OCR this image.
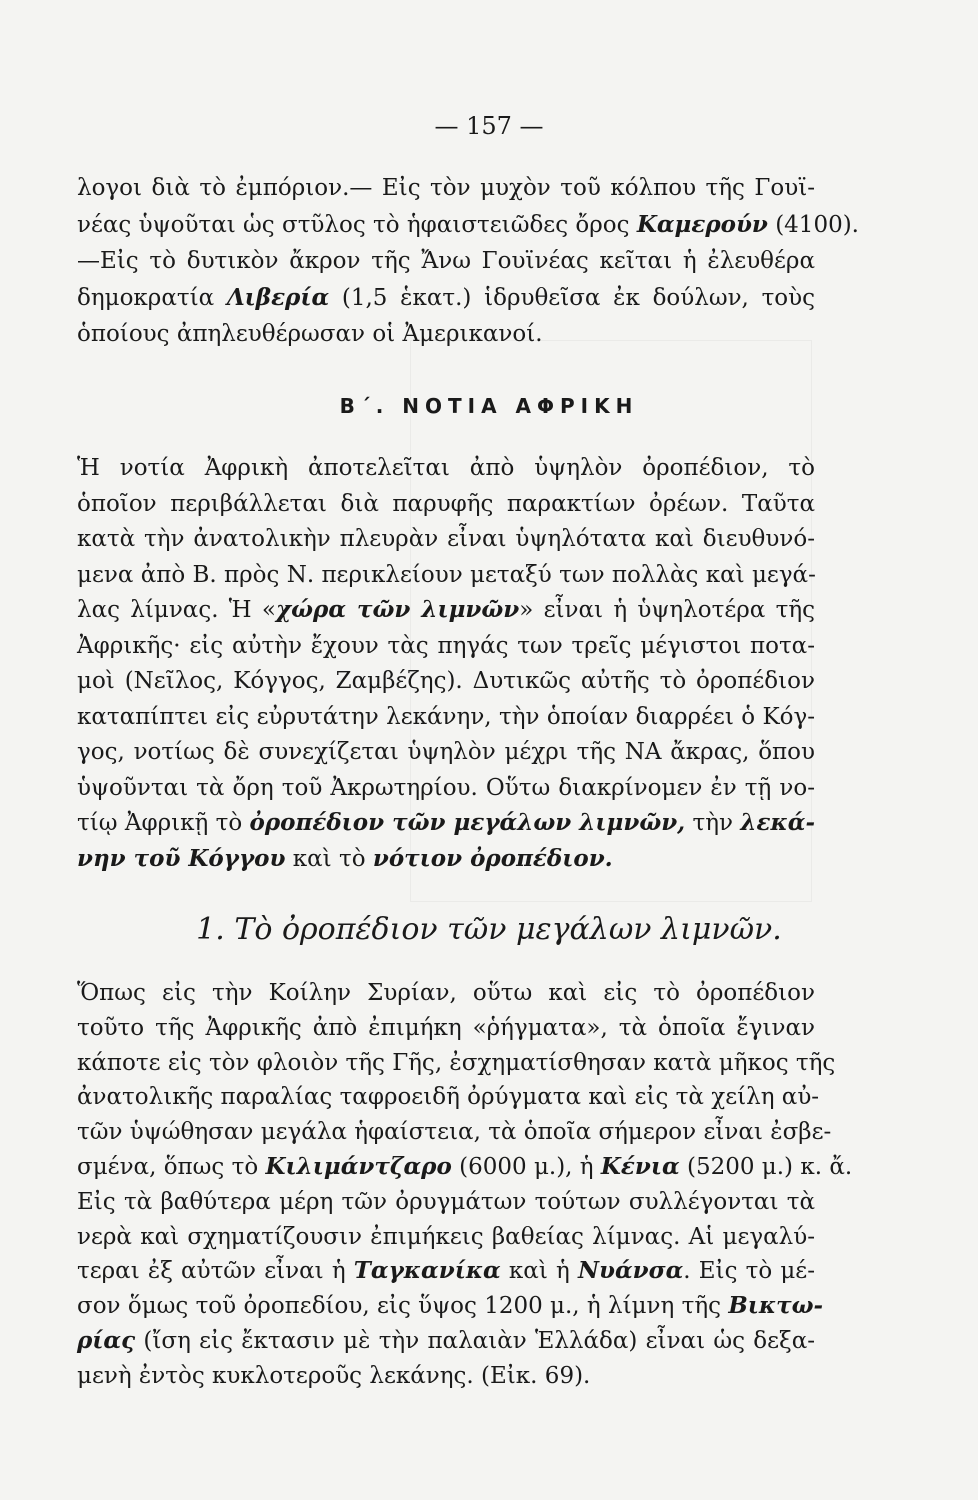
— 157 —
λογοι διὰ τὸ ἐμπόριον.— Εἰς τὸν μυχὸν τοῦ κόλπου τῆς Γουϊ-
νέας ὑψοῦται ὡς στῦλος τὸ ἡφαιστειῶδες ὄρος Καμερούν (4100).
—Εἰς τὸ δυτικὸν ἄκρον τῆς Ἄνω Γουϊνέας κεῖται ἡ ἐλευθέρα
δημοκρατία Λιβερία (1,5 ἑκατ.) ἱδρυθεῖσα ἐκ δούλων, τοὺς
ὁποίους ἀπηλευθέρωσαν οἱ Ἀμερικανοί.
Β΄. ΝΟΤΙΑ ΑΦΡΙΚΗ
Ἡ νοτία Ἀφρικὴ ἀποτελεῖται ἀπὸ ὑψηλὸν ὀροπέδιον, τὸ
ὁποῖον περιβάλλεται διὰ παρυφῆς παρακτίων ὀρέων. Ταῦτα
κατὰ τὴν ἀνατολικὴν πλευρὰν εἶναι ὑψηλότατα καὶ διευθυνό-
μενα ἀπὸ Β. πρὸς Ν. περικλείουν μεταξύ των πολλὰς καὶ μεγά-
λας λίμνας. Ἡ «χώρα τῶν λιμνῶν» εἶναι ἡ ὑψηλοτέρα τῆς
Ἀφρικῆς· εἰς αὐτὴν ἔχουν τὰς πηγάς των τρεῖς μέγιστοι ποτα-
μοὶ (Νεῖλος, Κόγγος, Ζαμβέζης). Δυτικῶς αὐτῆς τὸ ὀροπέδιον
καταπίπτει εἰς εὐρυτάτην λεκάνην, τὴν ὁποίαν διαρρέει ὁ Κόγ-
γος, νοτίως δὲ συνεχίζεται ὑψηλὸν μέχρι τῆς ΝΑ ἄκρας, ὅπου
ὑψοῦνται τὰ ὄρη τοῦ Ἀκρωτηρίου. Οὕτω διακρίνομεν ἐν τῇ νο-
τίῳ Ἀφρικῇ τὸ ὀροπέδιον τῶν μεγάλων λιμνῶν, τὴν λεκά-
νην τοῦ Κόγγου καὶ τὸ νότιον ὀροπέδιον.
1. Τὸ ὀροπέδιον τῶν μεγάλων λιμνῶν.
Ὅπως εἰς τὴν Κοίλην Συρίαν, οὕτω καὶ εἰς τὸ ὀροπέδιον
τοῦτο τῆς Ἀφρικῆς ἀπὸ ἐπιμήκη «ῥήγματα», τὰ ὁποῖα ἔγιναν
κάποτε εἰς τὸν φλοιὸν τῆς Γῆς, ἐσχηματίσθησαν κατὰ μῆκος τῆς
ἀνατολικῆς παραλίας ταφροειδῆ ὀρύγματα καὶ εἰς τὰ χείλη αὐ-
τῶν ὑψώθησαν μεγάλα ἡφαίστεια, τὰ ὁποῖα σήμερον εἶναι ἐσβε-
σμένα, ὅπως τὸ Κιλιμάντζαρο (6000 μ.), ἡ Κένια (5200 μ.) κ. ἄ.
Εἰς τὰ βαθύτερα μέρη τῶν ὀρυγμάτων τούτων συλλέγονται τὰ
νερὰ καὶ σχηματίζουσιν ἐπιμήκεις βαθείας λίμνας. Αἱ μεγαλύ-
τεραι ἐξ αὐτῶν εἶναι ἡ Ταγκανίκα καὶ ἡ Νυάνσα. Εἰς τὸ μέ-
σον ὅμως τοῦ ὀροπεδίου, εἰς ὕψος 1200 μ., ἡ λίμνη τῆς Βικτω-
ρίας (ἴση εἰς ἔκτασιν μὲ τὴν παλαιὰν Ἑλλάδα) εἶναι ὡς δεξα-
μενὴ ἐντὸς κυκλοτεροῦς λεκάνης. (Εἰκ. 69).
